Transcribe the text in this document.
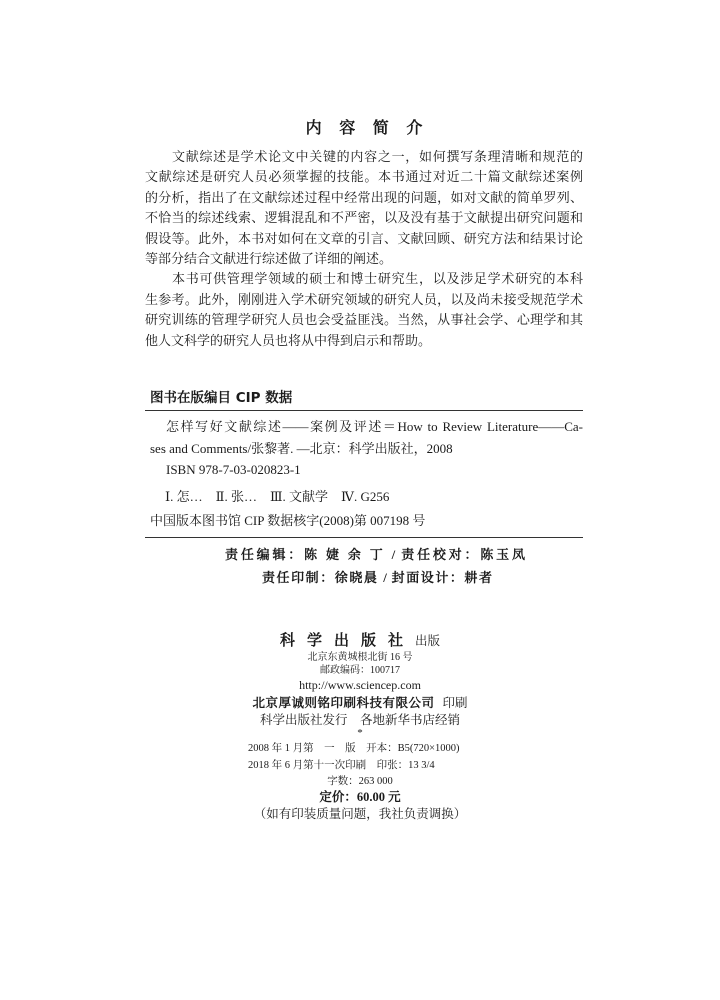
内 容 简 介
文献综述是学术论文中关键的内容之一，如何撰写条理清晰和规范的
文献综述是研究人员必须掌握的技能。本书通过对近二十篇文献综述案例
的分析，指出了在文献综述过程中经常出现的问题，如对文献的简单罗列、
不恰当的综述线索、逻辑混乱和不严密，以及没有基于文献提出研究问题和
假设等。此外，本书对如何在文章的引言、文献回顾、研究方法和结果讨论
等部分结合文献进行综述做了详细的阐述。
本书可供管理学领域的硕士和博士研究生，以及涉足学术研究的本科
生参考。此外，刚刚进入学术研究领域的研究人员，以及尚未接受规范学术
研究训练的管理学研究人员也会受益匪浅。当然，从事社会学、心理学和其
他人文科学的研究人员也将从中得到启示和帮助。
图书在版编目 CIP 数据
怎样写好文献综述——案例及评述＝How to Review Literature——Ca-
ses and Comments/张黎著. —北京：科学出版社，2008
ISBN 978-7-03-020823-1
Ⅰ. 怎…　Ⅱ. 张…　Ⅲ. 文献学　Ⅳ. G256
中国版本图书馆 CIP 数据核字(2008)第 007198 号
责任编辑：陈 婕 余 丁 / 责任校对：陈玉凤
责任印制：徐晓晨 / 封面设计：耕者
科学出版社出版
北京东黄城根北街 16 号
邮政编码：100717
http://www.sciencep.com
北京厚诚则铭印刷科技有限公司 印刷
科学出版社发行　各地新华书店经销
*
2008 年 1 月第　一　版　开本：B5(720×1000)
2018 年 6 月第十一次印刷　印张：13 3/4
字数：263 000
定价：60.00 元
（如有印装质量问题，我社负责调换）
